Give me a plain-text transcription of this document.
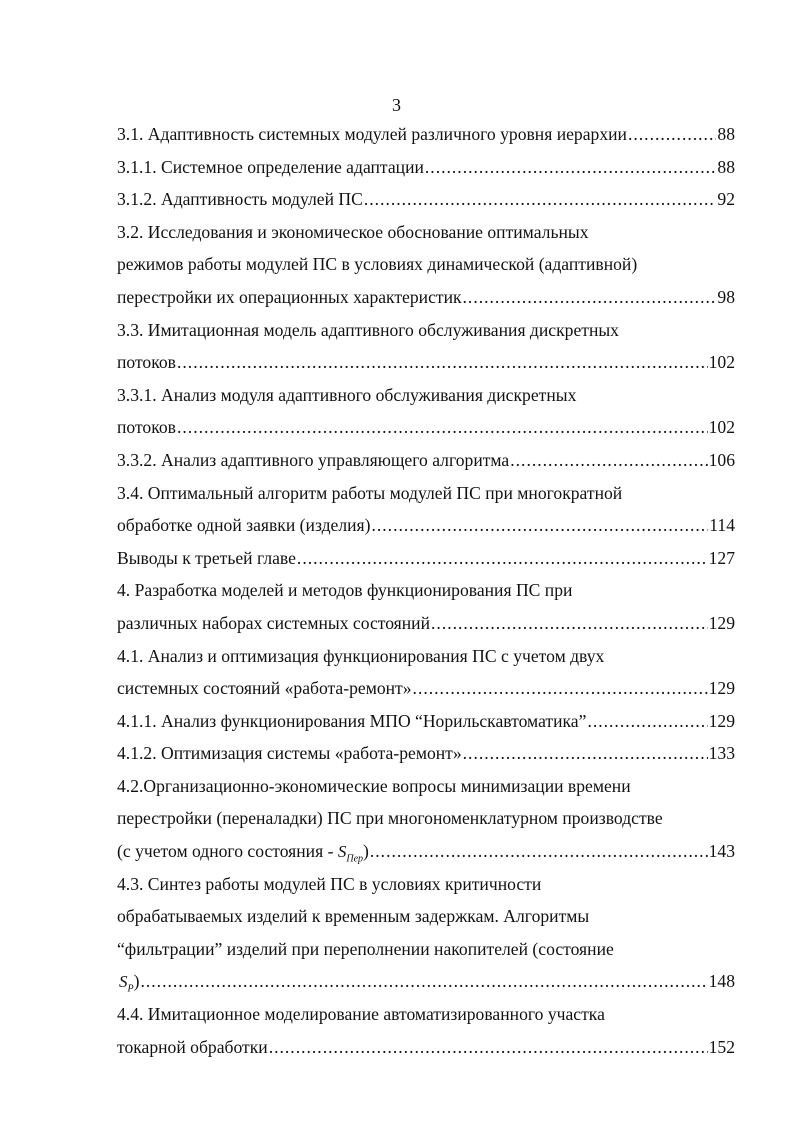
3
3.1. Адаптивность системных модулей различного уровня иерархии .....	88
3.1.1. Системное определение адаптации .....	88
3.1.2. Адаптивность модулей ПС .....	92
3.2. Исследования и экономическое обоснование оптимальных
режимов работы модулей ПС в условиях динамической (адаптивной)
перестройки их операционных характеристик .....	98
3.3. Имитационная модель адаптивного обслуживания дискретных
потоков .....	102
3.3.1. Анализ модуля адаптивного обслуживания дискретных
потоков .....	102
3.3.2. Анализ адаптивного управляющего алгоритма .....	106
3.4. Оптимальный алгоритм работы модулей ПС при многократной
обработке одной заявки (изделия) .....	114
Выводы к третьей главе .....	127
4. Разработка моделей и методов функционирования ПС при
различных наборах системных состояний .....	129
4.1. Анализ и оптимизация функционирования ПС с учетом двух
системных состояний «работа-ремонт» .....	129
4.1.1. Анализ функционирования МПО “Норильскавтоматика” .....	129
4.1.2. Оптимизация системы «работа-ремонт» .....	133
4.2.Организационно-экономические вопросы минимизации времени
перестройки (переналадки) ПС при многономенклатурном производстве
(с учетом одного состояния - $S_{Пер}$) .....	143
4.3. Синтез работы модулей ПС в условиях критичности
обрабатываемых изделий к временным задержкам. Алгоритмы
“фильтрации” изделий при переполнении накопителей (состояние
$S_P$) .....	148
4.4. Имитационное моделирование автоматизированного участка
токарной обработки .....	152
